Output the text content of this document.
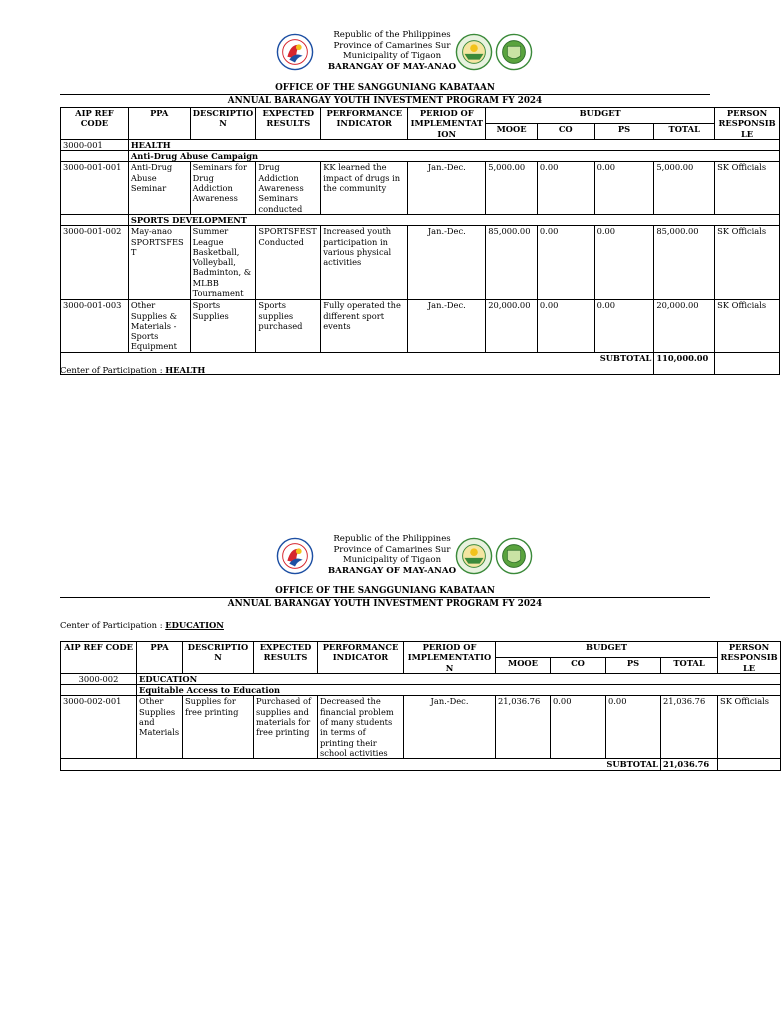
Republic of the Philippines
Province of Camarines Sur
Municipality of Tigaon
BARANGAY OF MAY-ANAO
OFFICE OF THE SANGGUNIANG KABATAAN
ANNUAL BARANGAY YOUTH INVESTMENT PROGRAM FY 2024
AIP REF CODE	PPA	DESCRIPTION	EXPECTED RESULTS	PERFORMANCE INDICATOR	PERIOD OF IMPLEMENTATION	BUDGET				PERSON RESPONSIBLE
						MOOE	CO	PS	TOTAL	
3000-001	HEALTH									
	Anti-Drug Abuse Campaign									
3000-001-001	Anti-Drug Abuse Seminar	Seminars for Drug Addiction Awareness	Drug Addiction Awareness Seminars conducted	KK learned the impact of drugs in the community	Jan.-Dec.	5,000.00	0.00	0.00	5,000.00	SK Officials
	SPORTS DEVELOPMENT									
3000-001-002	May-anao SPORTSFEST	Summer League Basketball, Volleyball, Badminton, & MLBB Tournament	SPORTSFEST Conducted	Increased youth participation in various physical activities	Jan.-Dec.	85,000.00	0.00	0.00	85,000.00	SK Officials
3000-001-003	Other Supplies & Materials - Sports Equipment	Sports Supplies	Sports supplies purchased	Fully operated the different sport events	Jan.-Dec.	20,000.00	0.00	0.00	20,000.00	SK Officials
SUBTOTAL									110,000.00	
Center of Participation : HEALTH
Republic of the Philippines
Province of Camarines Sur
Municipality of Tigaon
BARANGAY OF MAY-ANAO
OFFICE OF THE SANGGUNIANG KABATAAN
ANNUAL BARANGAY YOUTH INVESTMENT PROGRAM FY 2024
Center of Participation : EDUCATION
AIP REF CODE	PPA	DESCRIPTION	EXPECTED RESULTS	PERFORMANCE INDICATOR	PERIOD OF IMPLEMENTATION	BUDGET				PERSON RESPONSIBLE
						MOOE	CO	PS	TOTAL	
3000-002	EDUCATION									
	Equitable Access to Education									
3000-002-001	Other Supplies and Materials	Supplies for free printing	Purchased of supplies and materials for free printing	Decreased the financial problem of many students in terms of printing their school activities	Jan.-Dec.	21,036.76	0.00	0.00	21,036.76	SK Officials
SUBTOTAL									21,036.76	
